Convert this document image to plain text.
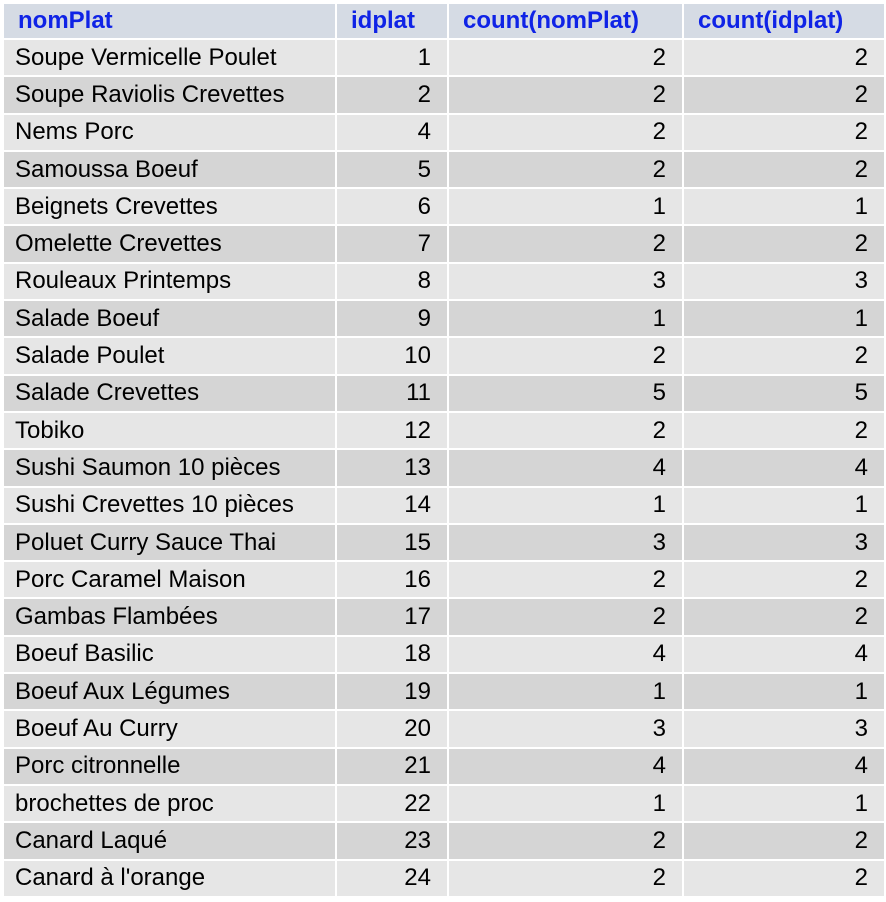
nomPlat	idplat	count(nomPlat)	count(idplat)
Soupe Vermicelle Poulet	1	2	2
Soupe Raviolis Crevettes	2	2	2
Nems Porc	4	2	2
Samoussa Boeuf	5	2	2
Beignets Crevettes	6	1	1
Omelette Crevettes	7	2	2
Rouleaux Printemps	8	3	3
Salade Boeuf	9	1	1
Salade Poulet	10	2	2
Salade Crevettes	11	5	5
Tobiko	12	2	2
Sushi Saumon 10 pièces	13	4	4
Sushi Crevettes 10 pièces	14	1	1
Poluet Curry Sauce Thai	15	3	3
Porc Caramel Maison	16	2	2
Gambas Flambées	17	2	2
Boeuf Basilic	18	4	4
Boeuf Aux Légumes	19	1	1
Boeuf Au Curry	20	3	3
Porc citronnelle	21	4	4
brochettes de proc	22	1	1
Canard Laqué	23	2	2
Canard à l'orange	24	2	2
